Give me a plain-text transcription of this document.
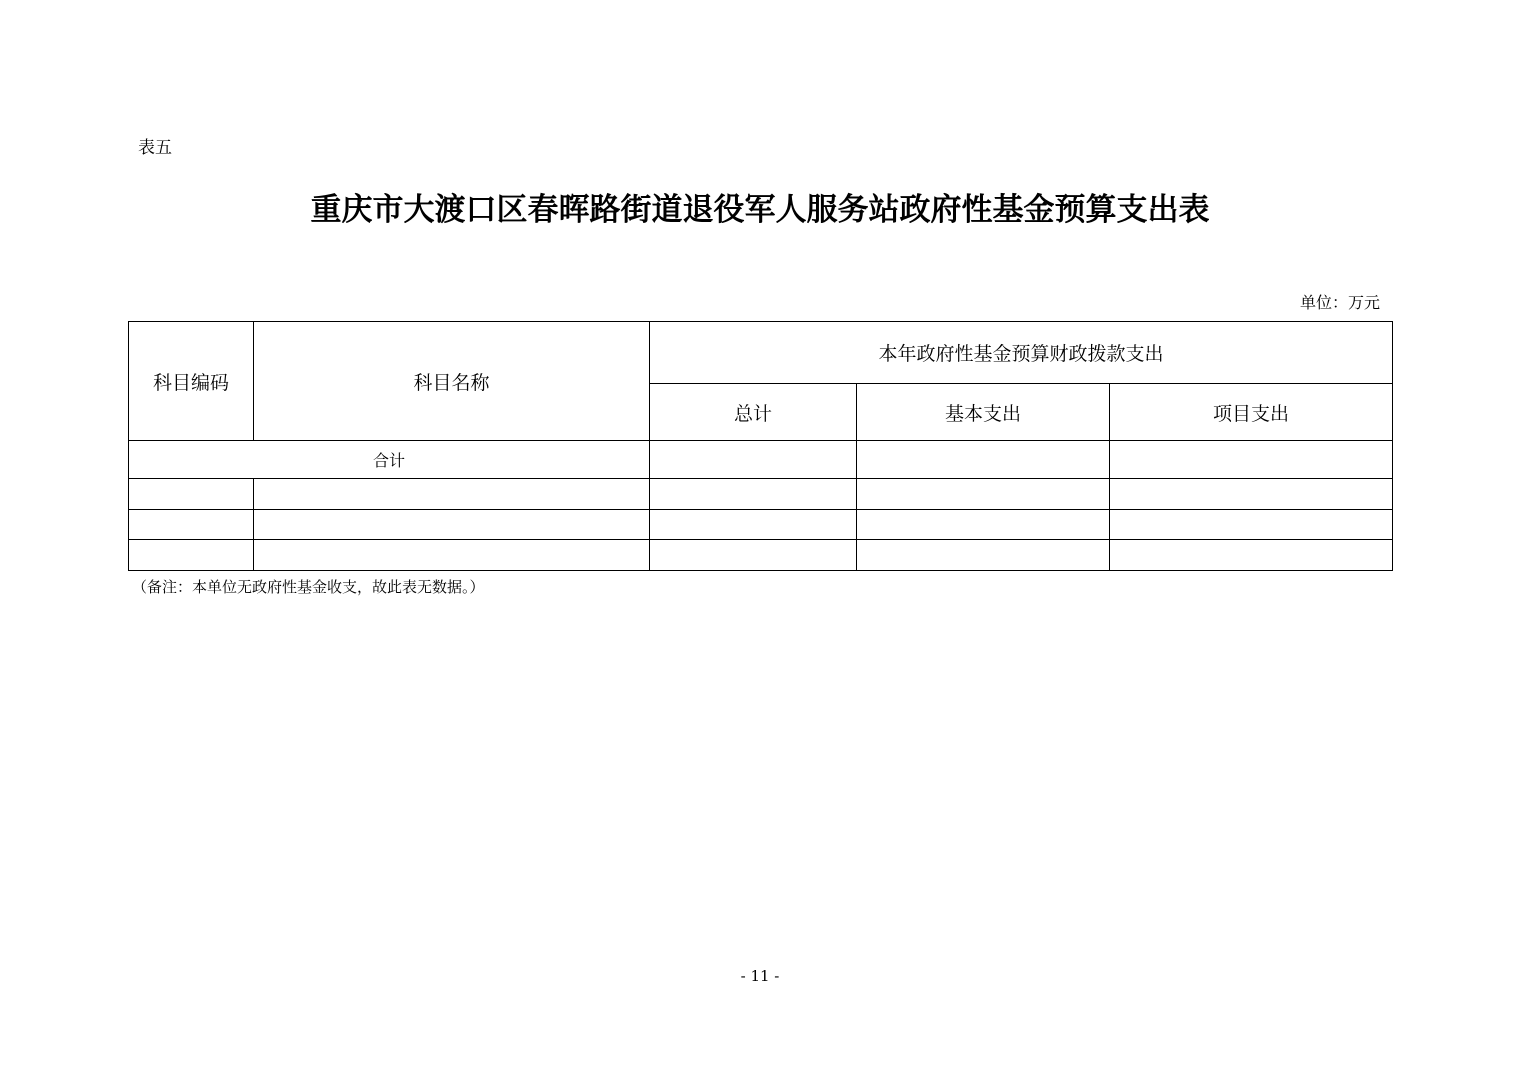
表五
重庆市大渡口区春晖路街道退役军人服务站政府性基金预算支出表
单位：万元
科目编码	科目名称	本年政府性基金预算财政拨款支出		
		总计	基本支出	项目支出
合计				

（备注：本单位无政府性基金收支，故此表无数据。）
- 11 -
